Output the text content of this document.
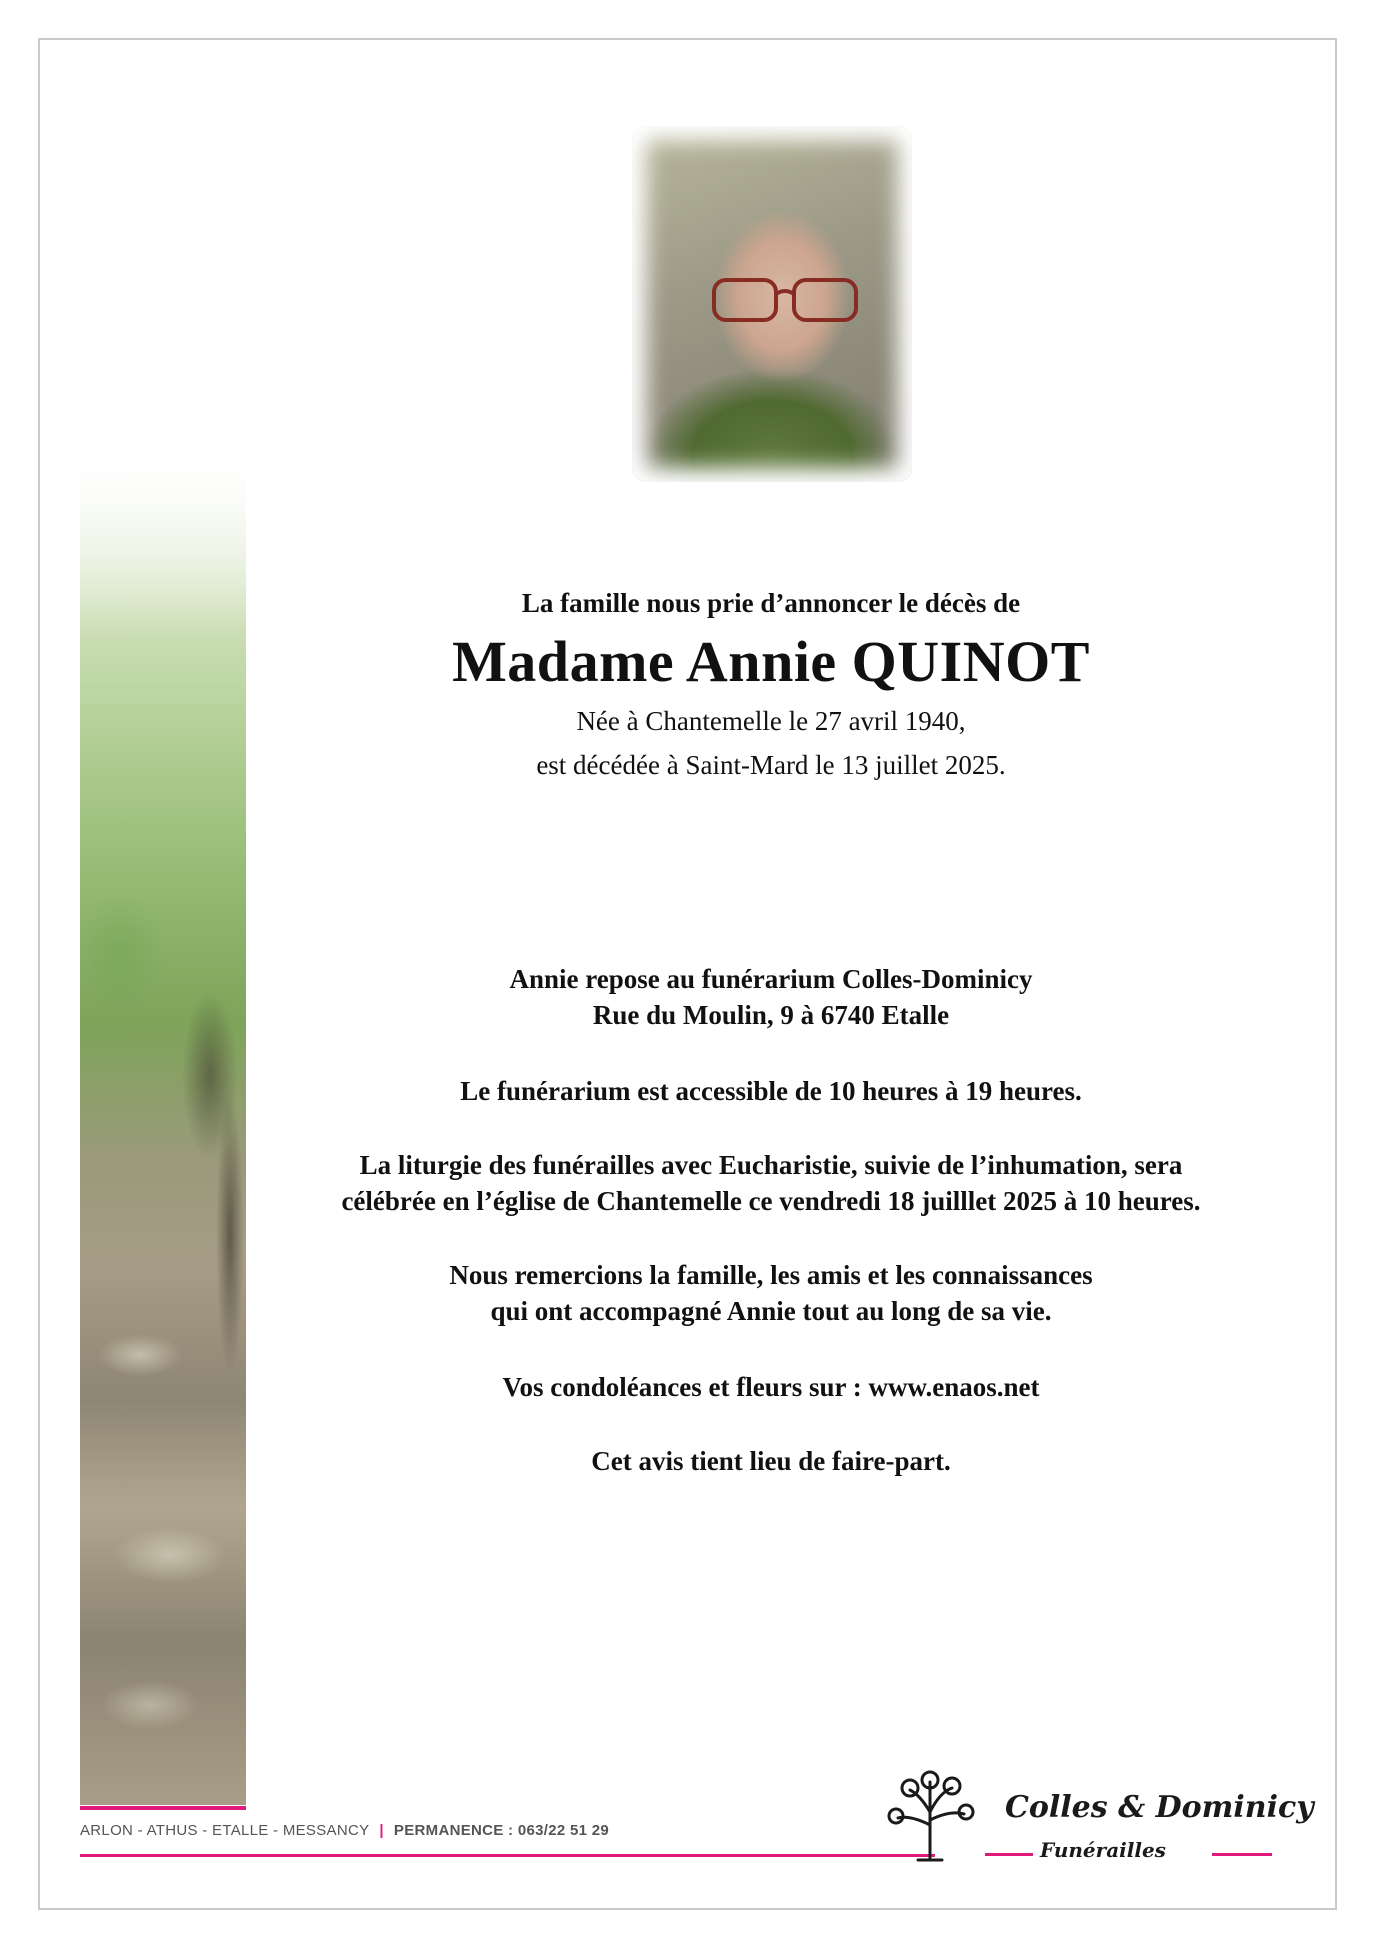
La famille nous prie d’annoncer le décès de
Madame Annie QUINOT
Née à Chantemelle le 27 avril 1940,
est décédée à Saint-Mard le 13 juillet 2025.
Annie repose au funérarium Colles-Dominicy
Rue du Moulin, 9 à 6740 Etalle
Le funérarium est accessible de 10 heures à 19 heures.
La liturgie des funérailles avec Eucharistie, suivie de l’inhumation, sera
célébrée en l’église de Chantemelle ce vendredi 18 juilllet 2025 à 10 heures.
Nous remercions la famille, les amis et les connaissances
qui ont accompagné Annie tout au long de sa vie.
Vos condoléances et fleurs sur : www.enaos.net
Cet avis tient lieu de faire-part.
ARLON - ATHUS - ETALLE - MESSANCY | PERMANENCE : 063/22 51 29
Colles & Dominicy
Funérailles
